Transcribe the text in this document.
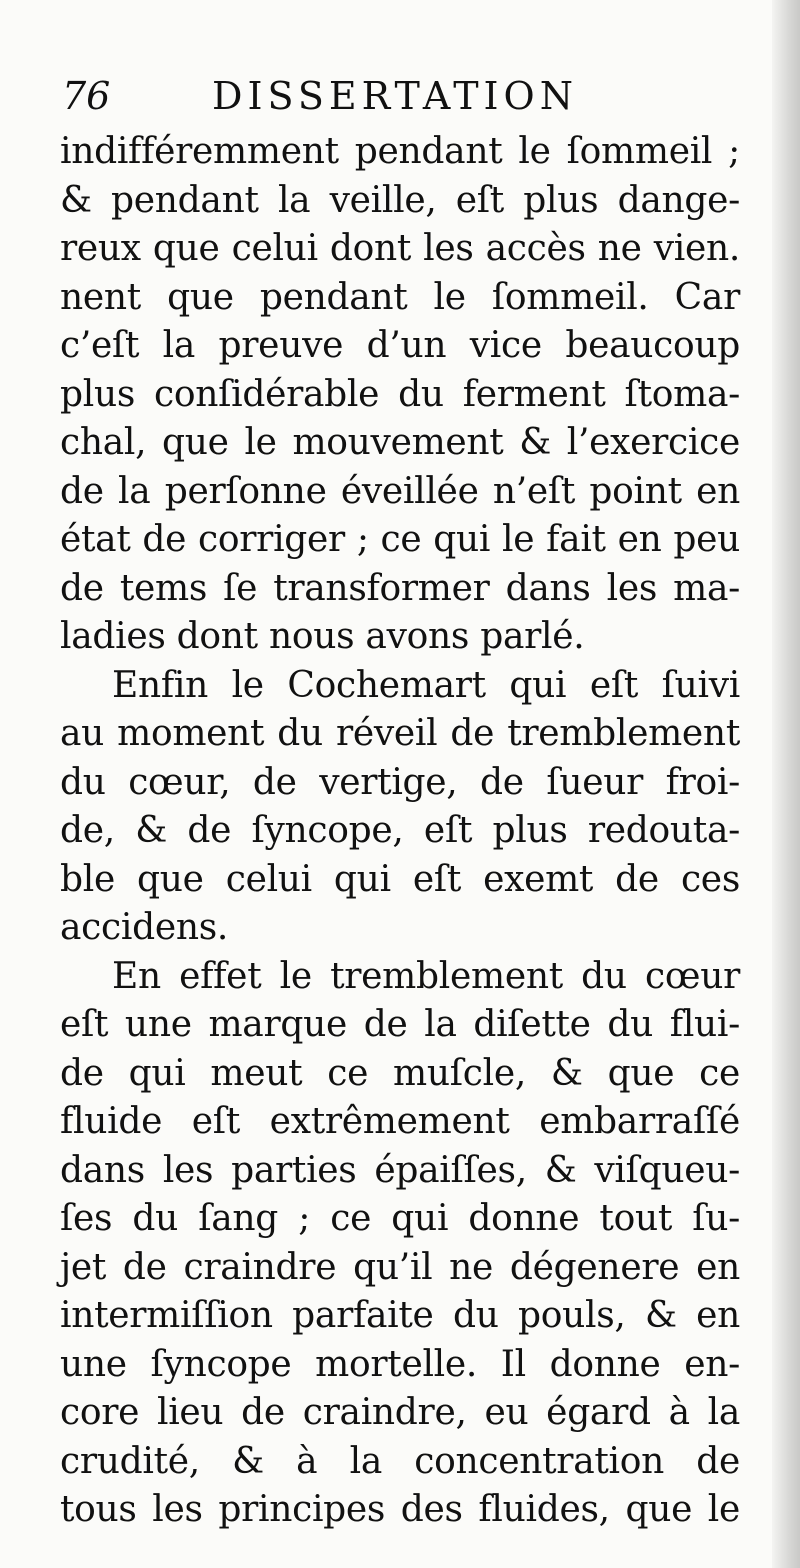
76	DISSERTATION
indifféremment pendant le ſommeil ;
& pendant la veille, eſt plus dange-
reux que celui dont les accès ne vien.
nent que pendant le ſommeil. Car
c’eſt la preuve d’un vice beaucoup
plus conſidérable du ferment ſtoma-
chal, que le mouvement & l’exercice
de la perſonne éveillée n’eſt point en
état de corriger ; ce qui le fait en peu
de tems ſe transformer dans les ma-
ladies dont nous avons parlé.
Enfin le Cochemart qui eſt ſuivi
au moment du réveil de tremblement
du cœur, de vertige, de ſueur froi-
de, & de ſyncope, eſt plus redouta-
ble que celui qui eſt exemt de ces
accidens.
En effet le tremblement du cœur
eſt une marque de la diſette du flui-
de qui meut ce muſcle, & que ce
fluide eſt extrêmement embarraſſé
dans les parties épaiſſes, & viſqueu-
ſes du ſang ; ce qui donne tout ſu-
jet de craindre qu’il ne dégenere en
intermiſſion parfaite du pouls, & en
une ſyncope mortelle. Il donne en-
core lieu de craindre, eu égard à la
crudité, & à la concentration de
tous les principes des fluides, que le
